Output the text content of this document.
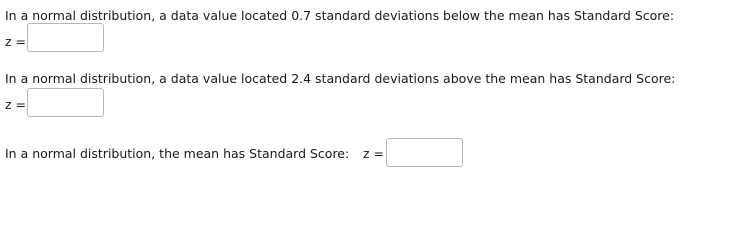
In a normal distribution, a data value located 0.7 standard deviations below the mean has Standard Score:
z =
In a normal distribution, a data value located 2.4 standard deviations above the mean has Standard Score:
z =
In a normal distribution, the mean has Standard Score: z =
